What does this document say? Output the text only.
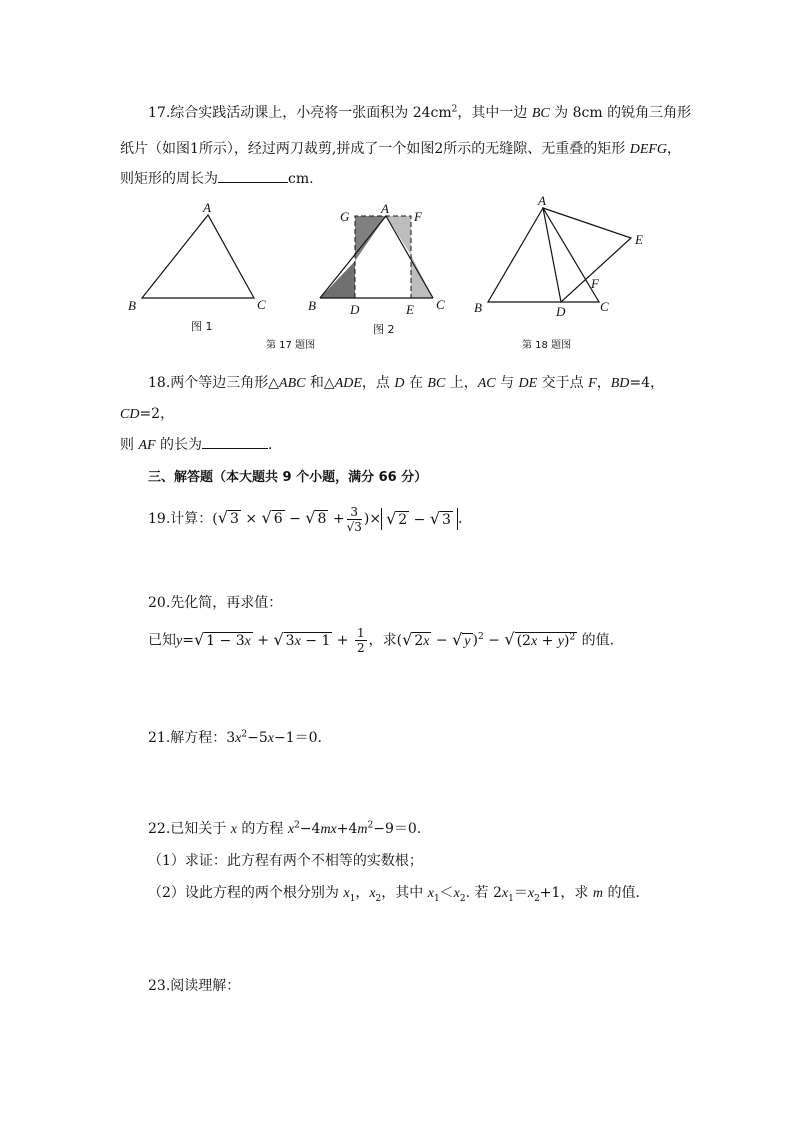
17.综合实践活动课上，小亮将一张面积为 $24cm^2$，其中一边 BC 为 8cm 的锐角三角形
纸片（如图1所示），经过两刀裁剪,拼成了一个如图2所示的无缝隙、无重叠的矩形 DEFG，
则矩形的周长为	cm.
A
B	C
图 1
A
G	F
B	D	E C
图 2
A
E
F
B	D	C
第 17 题图	第 18 题图
18.两个等边三角形△ABC 和△ADE，点 D 在 BC 上，AC 与 DE 交于点 F，BD=4，
CD=2，
则 AF 的长为	.
三、解答题（本大题共 9 个小题，满分 66 分）
19.计算：(√ 3 × √ 6 − √ $8 + \frac{3}{√3}$ )× √ 2 − √ 3 .
20.先化简，再求值：
已知y=√ 1 − 3x + √ $3x - 1 + \frac{1}{2}$ ，求(√ 2x − √ y )$^2$ − √ $(2x + y)^2$ 的值.
21.解方程：$3x^2-5x-1=0$.
22.已知关于 x 的方程 $x^2-4mx+4m^2-9=0$.
（1）求证：此方程有两个不相等的实数根；
（2）设此方程的两个根分别为 $x_1$，$x_2$，其中 $x_1<x_2$. 若 $2x_1=x_2+1$，求 m 的值.
23.阅读理解：
